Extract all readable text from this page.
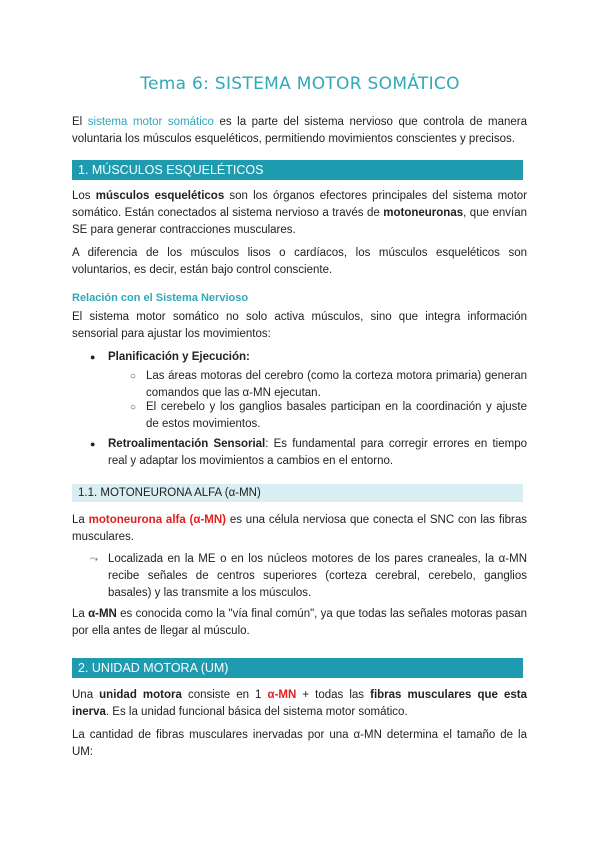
Tema 6: SISTEMA MOTOR SOMÁTICO

El sistema motor somático es la parte del sistema nervioso que controla de manera voluntaria los músculos esqueléticos, permitiendo movimientos conscientes y precisos.

1. MÚSCULOS ESQUELÉTICOS

Los músculos esqueléticos son los órganos efectores principales del sistema motor somático. Están conectados al sistema nervioso a través de motoneuronas, que envían SE para generar contracciones musculares.

A diferencia de los músculos lisos o cardíacos, los músculos esqueléticos son voluntarios, es decir, están bajo control consciente.

Relación con el Sistema Nervioso

El sistema motor somático no solo activa músculos, sino que integra información sensorial para ajustar los movimientos:

● Planificación y Ejecución:

○ Las áreas motoras del cerebro (como la corteza motora primaria) generan comandos que las α-MN ejecutan.

○ El cerebelo y los ganglios basales participan en la coordinación y ajuste de estos movimientos.

● Retroalimentación Sensorial: Es fundamental para corregir errores en tiempo real y adaptar los movimientos a cambios en el entorno.

1.1. MOTONEURONA ALFA (α-MN)

La motoneurona alfa (α-MN) es una célula nerviosa que conecta el SNC con las fibras musculares.

⤳ Localizada en la ME o en los núcleos motores de los pares craneales, la α-MN recibe señales de centros superiores (corteza cerebral, cerebelo, ganglios basales) y las transmite a los músculos.

La α-MN es conocida como la "vía final común", ya que todas las señales motoras pasan por ella antes de llegar al músculo.

2. UNIDAD MOTORA (UM)

Una unidad motora consiste en 1 α-MN + todas las fibras musculares que esta inerva. Es la unidad funcional básica del sistema motor somático.

La cantidad de fibras musculares inervadas por una α-MN determina el tamaño de la UM:
